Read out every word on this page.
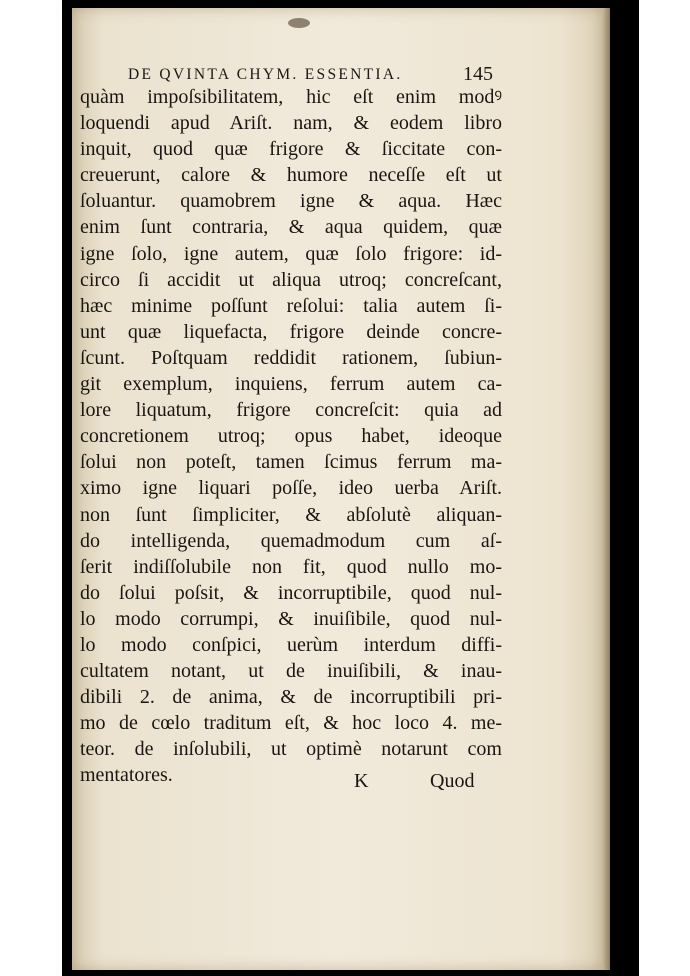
DE QVINTA CHYM. ESSENTIA.	145
quàm impoſsibilitatem, hic eſt enim modꝰ
loquendi apud Ariſt. nam, & eodem libro
inquit, quod quæ frigore & ſiccitate con-
creuerunt, calore & humore neceſſe eſt ut
ſoluantur. quamobrem igne & aqua. Hæc
enim ſunt contraria, & aqua quidem, quæ
igne ſolo, igne autem, quæ ſolo frigore: id-
circo ſi accidit ut aliqua utroq; concreſcant,
hæc minime poſſunt reſolui: talia autem ſi-
unt quæ liquefacta, frigore deinde concre-
ſcunt. Poſtquam reddidit rationem, ſubiun-
git exemplum, inquiens, ferrum autem ca-
lore liquatum, frigore concreſcit: quia ad
concretionem utroq; opus habet, ideoque
ſolui non poteſt, tamen ſcimus ferrum ma-
ximo igne liquari poſſe, ideo uerba Ariſt.
non ſunt ſimpliciter, & abſolutè aliquan-
do intelligenda, quemadmodum cum aſ-
ſerit indiſſolubile non fit, quod nullo mo-
do ſolui poſsit, & incorruptibile, quod nul-
lo modo corrumpi, & inuiſibile, quod nul-
lo modo conſpici, uerùm interdum diffi-
cultatem notant, ut de inuiſibili, & inau-
dibili 2. de anima, & de incorruptibili pri-
mo de cœlo traditum eſt, & hoc loco 4. me-
teor. de inſolubili, ut optimè notarunt com
mentatores.	K	Quod
